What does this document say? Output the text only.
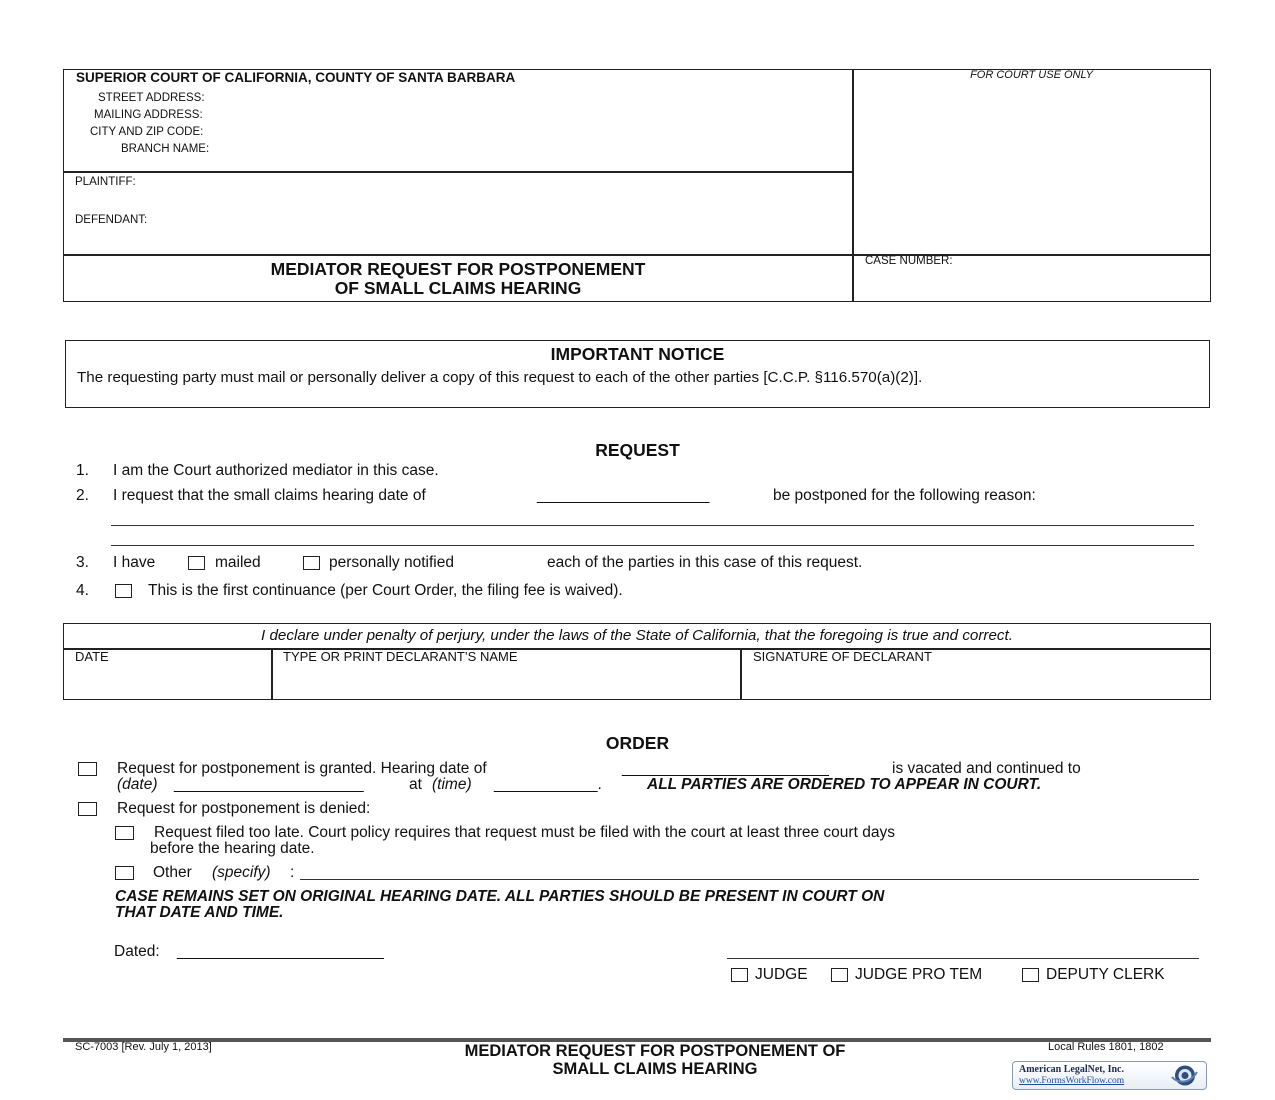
SUPERIOR COURT OF CALIFORNIA, COUNTY OF SANTA BARBARA
STREET ADDRESS:
MAILING ADDRESS:
CITY AND ZIP CODE:
BRANCH NAME:
PLAINTIFF:
DEFENDANT:
FOR COURT USE ONLY
CASE NUMBER:
MEDIATOR REQUEST FOR POSTPONEMENT
OF SMALL CLAIMS HEARING
IMPORTANT NOTICE
The requesting party must mail or personally deliver a copy of this request to each of the other parties [C.C.P. §116.570(a)(2)].
REQUEST
1. I am the Court authorized mediator in this case.
2. I request that the small claims hearing date of	____________________	be postponed for the following reason:
3. I have	mailed	personally notified	each of the parties in this case of this request.
4.	This is the first continuance (per Court Order, the filing fee is waived).
I declare under penalty of perjury, under the laws of the State of California, that the foregoing is true and correct.
DATE	TYPE OR PRINT DECLARANT’S NAME	SIGNATURE OF DECLARANT
ORDER
Request for postponement is granted. Hearing date of	________________________	is vacated and continued to
(date) ______________________	at (time) ____________.	ALL PARTIES ARE ORDERED TO APPEAR IN COURT.
Request for postponement is denied:
Request filed too late. Court policy requires that request must be filed with the court at least three court days
before the hearing date.
Other (specify) :
CASE REMAINS SET ON ORIGINAL HEARING DATE. ALL PARTIES SHOULD BE PRESENT IN COURT ON
THAT DATE AND TIME.
Dated: ________________________
JUDGE	JUDGE PRO TEM	DEPUTY CLERK
SC-7003 [Rev. July 1, 2013]	MEDIATOR REQUEST FOR POSTPONEMENT OF
SMALL CLAIMS HEARING
Local Rules 1801, 1802
American LegalNet, Inc.
www.FormsWorkFlow.com
